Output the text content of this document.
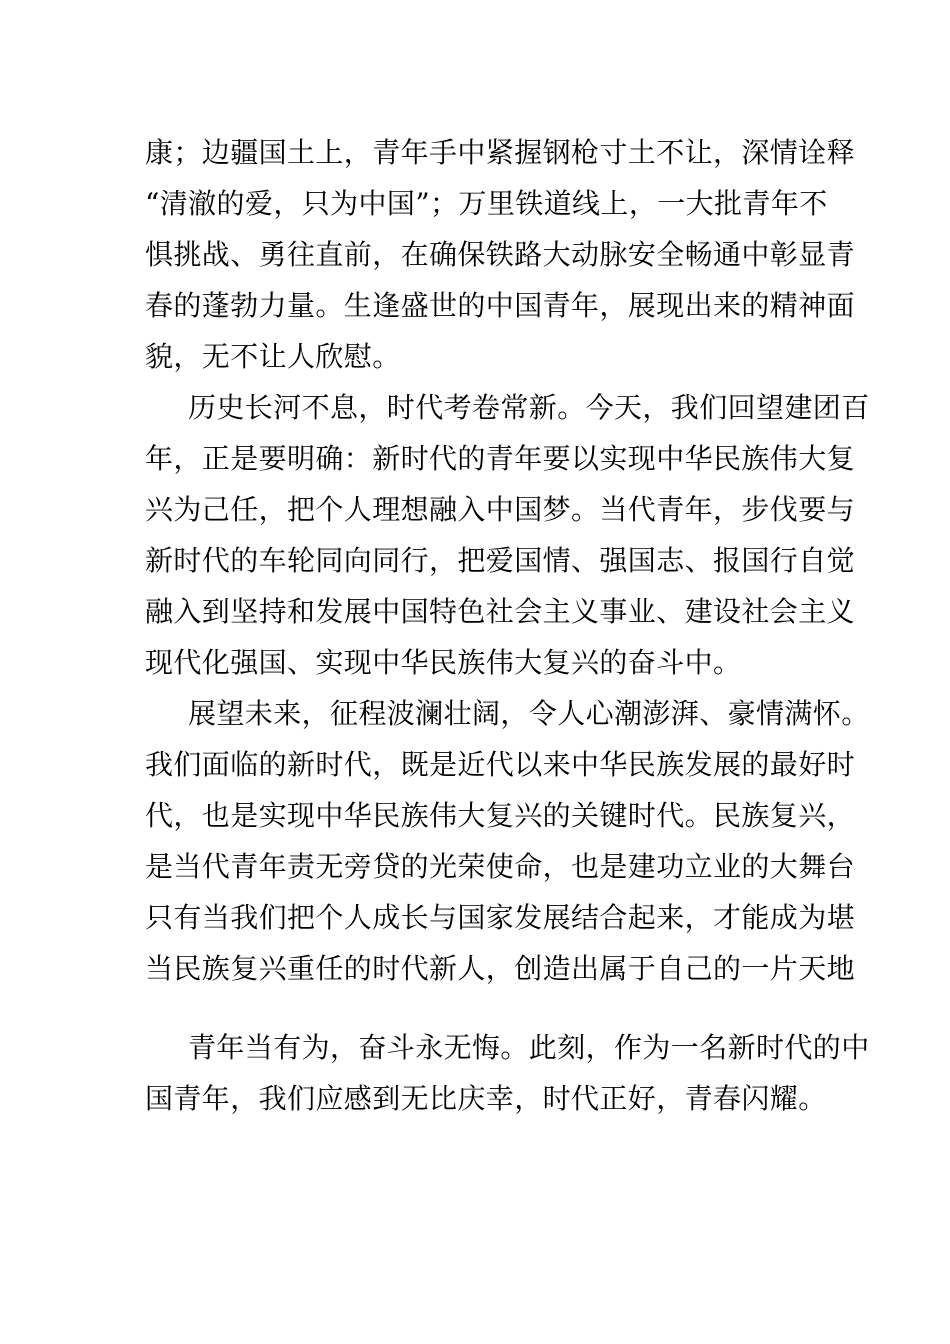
康；边疆国土上，青年手中紧握钢枪寸土不让，深情诠释
“清澈的爱，只为中国”；万里铁道线上，一大批青年不
惧挑战、勇往直前，在确保铁路大动脉安全畅通中彰显青
春的蓬勃力量。生逢盛世的中国青年，展现出来的精神面
貌，无不让人欣慰。
历史长河不息，时代考卷常新。今天，我们回望建团百
年，正是要明确：新时代的青年要以实现中华民族伟大复
兴为己任，把个人理想融入中国梦。当代青年，步伐要与
新时代的车轮同向同行，把爱国情、强国志、报国行自觉
融入到坚持和发展中国特色社会主义事业、建设社会主义
现代化强国、实现中华民族伟大复兴的奋斗中。
展望未来，征程波澜壮阔，令人心潮澎湃、豪情满怀。
我们面临的新时代，既是近代以来中华民族发展的最好时
代，也是实现中华民族伟大复兴的关键时代。民族复兴，
是当代青年责无旁贷的光荣使命，也是建功立业的大舞台
只有当我们把个人成长与国家发展结合起来，才能成为堪
当民族复兴重任的时代新人，创造出属于自己的一片天地
青年当有为，奋斗永无悔。此刻，作为一名新时代的中
国青年，我们应感到无比庆幸，时代正好，青春闪耀。
